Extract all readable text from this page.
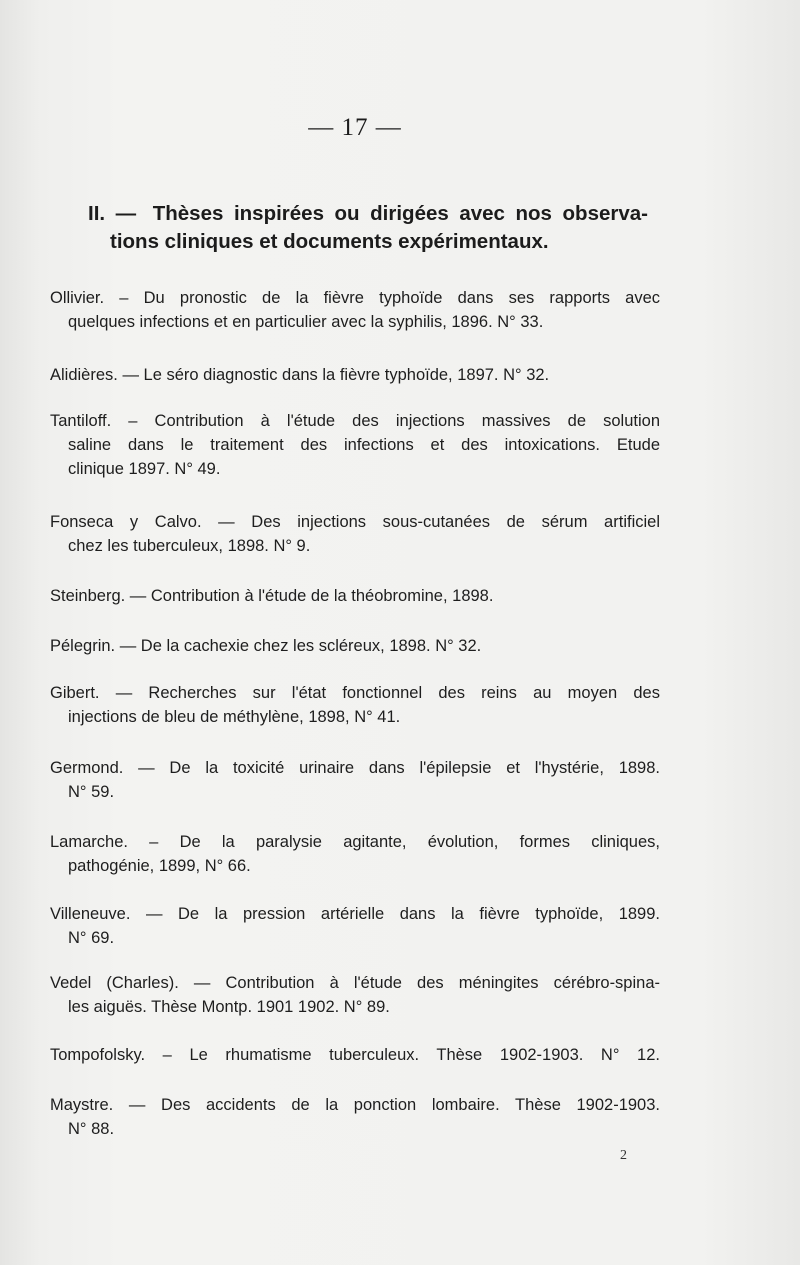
— 17 —
II. — Thèses inspirées ou dirigées avec nos observa-
tions cliniques et documents expérimentaux.
Ollivier. – Du pronostic de la fièvre typhoïde dans ses rapports avec
quelques infections et en particulier avec la syphilis, 1896. N° 33.
Alidières. — Le séro diagnostic dans la fièvre typhoïde, 1897. N° 32.
Tantiloff. – Contribution à l'étude des injections massives de solution
saline dans le traitement des infections et des intoxications. Etude
clinique 1897. N° 49.
Fonseca y Calvo. — Des injections sous-cutanées de sérum artificiel
chez les tuberculeux, 1898. N° 9.
Steinberg. — Contribution à l'étude de la théobromine, 1898.
Pélegrin. — De la cachexie chez les scléreux, 1898. N° 32.
Gibert. — Recherches sur l'état fonctionnel des reins au moyen des
injections de bleu de méthylène, 1898, N° 41.
Germond. — De la toxicité urinaire dans l'épilepsie et l'hystérie, 1898.
N° 59.
Lamarche. – De la paralysie agitante, évolution, formes cliniques,
pathogénie, 1899, N° 66.
Villeneuve. — De la pression artérielle dans la fièvre typhoïde, 1899.
N° 69.
Vedel (Charles). — Contribution à l'étude des méningites cérébro-spina-
les aiguës. Thèse Montp. 1901 1902. N° 89.
Tompofolsky. – Le rhumatisme tuberculeux. Thèse 1902-1903. N° 12.
Maystre. — Des accidents de la ponction lombaire. Thèse 1902-1903.
N° 88.
2
